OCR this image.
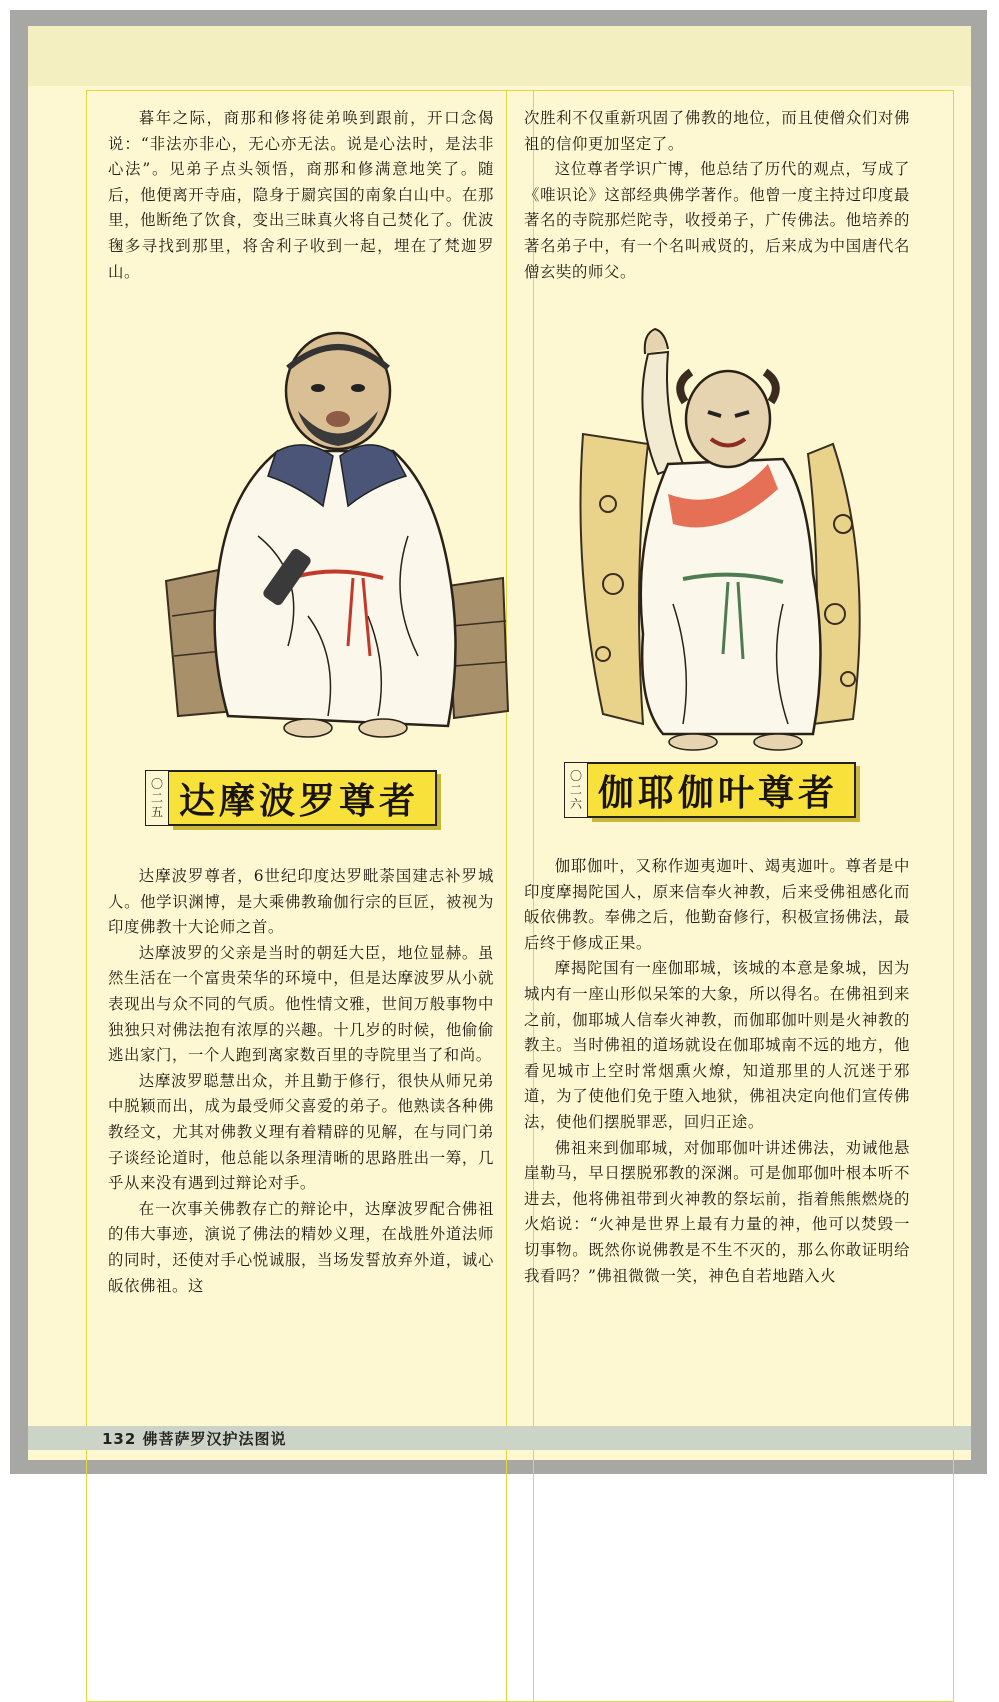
暮年之际，商那和修将徒弟唤到跟前，开口念偈说：“非法亦非心，无心亦无法。说是心法时，是法非心法”。见弟子点头领悟，商那和修满意地笑了。随后，他便离开寺庙，隐身于罽宾国的南象白山中。在那里，他断绝了饮食，变出三昧真火将自己焚化了。优波毱多寻找到那里，将舍利子收到一起，埋在了梵迦罗山。

〇
二
五 达摩波罗尊者

达摩波罗尊者，6世纪印度达罗毗荼国建志补罗城人。他学识渊博，是大乘佛教瑜伽行宗的巨匠，被视为印度佛教十大论师之首。

达摩波罗的父亲是当时的朝廷大臣，地位显赫。虽然生活在一个富贵荣华的环境中，但是达摩波罗从小就表现出与众不同的气质。他性情文雅，世间万般事物中独独只对佛法抱有浓厚的兴趣。十几岁的时候，他偷偷逃出家门，一个人跑到离家数百里的寺院里当了和尚。

达摩波罗聪慧出众，并且勤于修行，很快从师兄弟中脱颖而出，成为最受师父喜爱的弟子。他熟读各种佛教经文，尤其对佛教义理有着精辟的见解，在与同门弟子谈经论道时，他总能以条理清晰的思路胜出一筹，几乎从来没有遇到过辩论对手。

在一次事关佛教存亡的辩论中，达摩波罗配合佛祖的伟大事迹，演说了佛法的精妙义理，在战胜外道法师的同时，还使对手心悦诚服，当场发誓放弃外道，诚心皈依佛祖。这

次胜利不仅重新巩固了佛教的地位，而且使僧众们对佛祖的信仰更加坚定了。

这位尊者学识广博，他总结了历代的观点，写成了《唯识论》这部经典佛学著作。他曾一度主持过印度最著名的寺院那烂陀寺，收授弟子，广传佛法。他培养的著名弟子中，有一个名叫戒贤的，后来成为中国唐代名僧玄奘的师父。

〇
二
六 伽耶伽叶尊者

伽耶伽叶，又称作迦夷迦叶、竭夷迦叶。尊者是中印度摩揭陀国人，原来信奉火神教，后来受佛祖感化而皈依佛教。奉佛之后，他勤奋修行，积极宣扬佛法，最后终于修成正果。

摩揭陀国有一座伽耶城，该城的本意是象城，因为城内有一座山形似呆笨的大象，所以得名。在佛祖到来之前，伽耶城人信奉火神教，而伽耶伽叶则是火神教的教主。当时佛祖的道场就设在伽耶城南不远的地方，他看见城市上空时常烟熏火燎，知道那里的人沉迷于邪道，为了使他们免于堕入地狱，佛祖决定向他们宣传佛法，使他们摆脱罪恶，回归正途。

佛祖来到伽耶城，对伽耶伽叶讲述佛法，劝诫他悬崖勒马，早日摆脱邪教的深渊。可是伽耶伽叶根本听不进去，他将佛祖带到火神教的祭坛前，指着熊熊燃烧的火焰说：“火神是世界上最有力量的神，他可以焚毁一切事物。既然你说佛教是不生不灭的，那么你敢证明给我看吗？”佛祖微微一笑，神色自若地踏入火

132 佛菩萨罗汉护法图说
